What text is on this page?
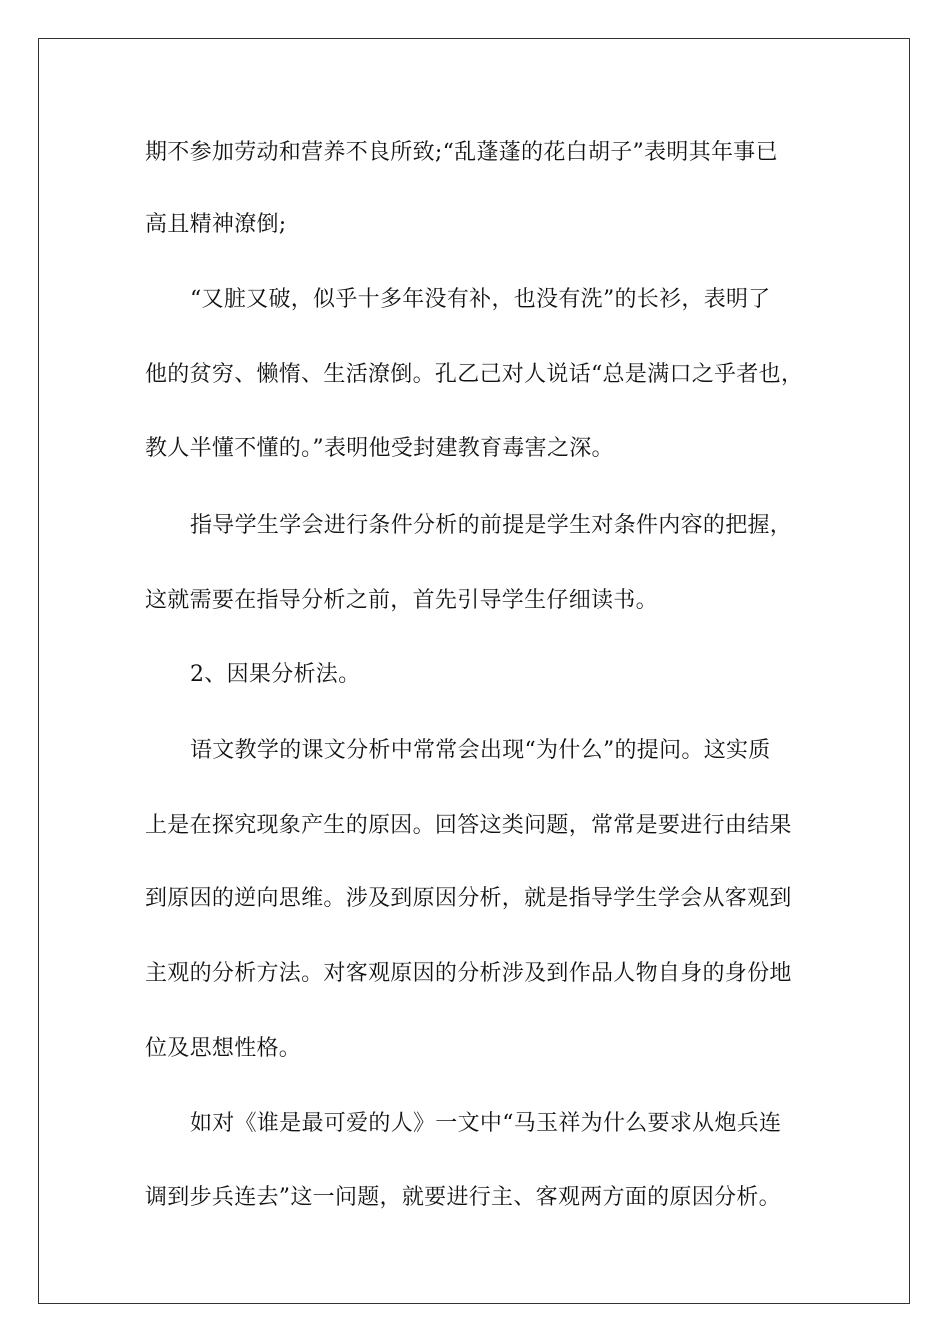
期不参加劳动和营养不良所致;“乱蓬蓬的花白胡子”表明其年事已
高且精神潦倒;
“又脏又破，似乎十多年没有补，也没有洗”的长衫，表明了
他的贫穷、懒惰、生活潦倒。孔乙己对人说话“总是满口之乎者也，
教人半懂不懂的。”表明他受封建教育毒害之深。
指导学生学会进行条件分析的前提是学生对条件内容的把握，
这就需要在指导分析之前，首先引导学生仔细读书。
2、因果分析法。
语文教学的课文分析中常常会出现“为什么”的提问。这实质
上是在探究现象产生的原因。回答这类问题，常常是要进行由结果
到原因的逆向思维。涉及到原因分析，就是指导学生学会从客观到
主观的分析方法。对客观原因的分析涉及到作品人物自身的身份地
位及思想性格。
如对《谁是最可爱的人》一文中“马玉祥为什么要求从炮兵连
调到步兵连去”这一问题，就要进行主、客观两方面的原因分析。
